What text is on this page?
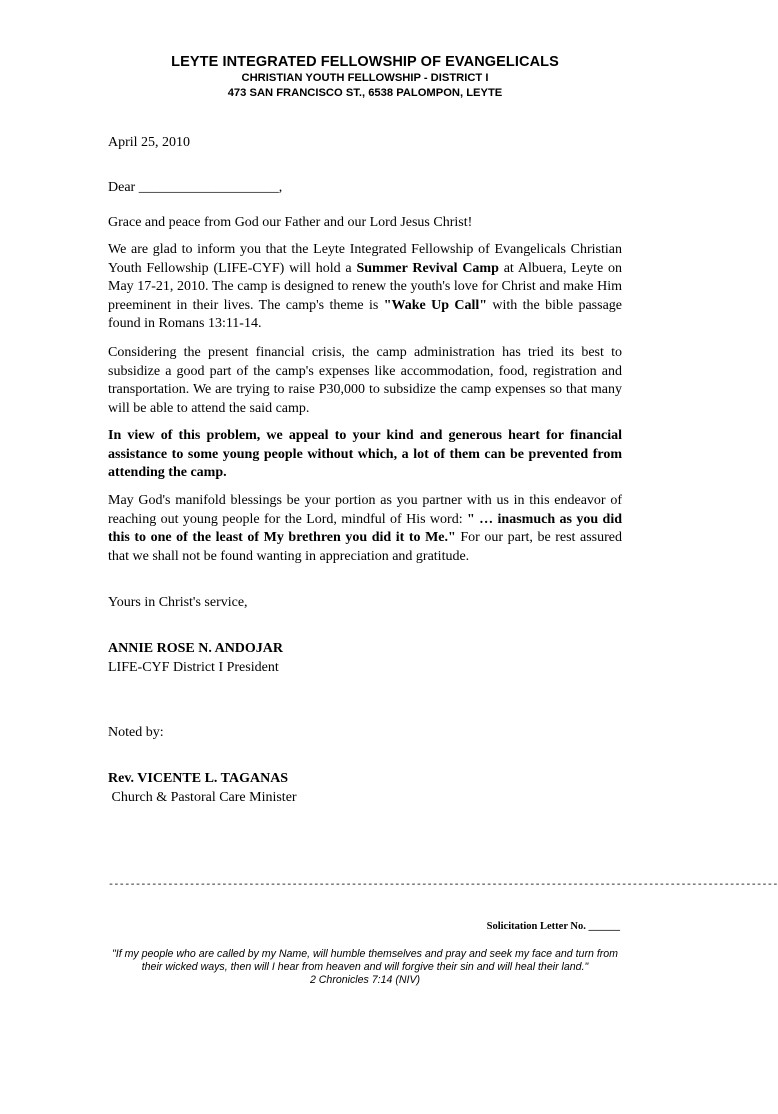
LEYTE INTEGRATED FELLOWSHIP OF EVANGELICALS
CHRISTIAN YOUTH FELLOWSHIP - DISTRICT I
473 SAN FRANCISCO ST., 6538 PALOMPON, LEYTE
April 25, 2010
Dear ____________________,
Grace and peace from God our Father and our Lord Jesus Christ!
We are glad to inform you that the Leyte Integrated Fellowship of Evangelicals Christian Youth Fellowship (LIFE-CYF) will hold a Summer Revival Camp at Albuera, Leyte on May 17-21, 2010. The camp is designed to renew the youth's love for Christ and make Him preeminent in their lives. The camp's theme is "Wake Up Call" with the bible passage found in Romans 13:11-14.
Considering the present financial crisis, the camp administration has tried its best to subsidize a good part of the camp's expenses like accommodation, food, registration and transportation. We are trying to raise P30,000 to subsidize the camp expenses so that many will be able to attend the said camp.
In view of this problem, we appeal to your kind and generous heart for financial assistance to some young people without which, a lot of them can be prevented from attending the camp.
May God's manifold blessings be your portion as you partner with us in this endeavor of reaching out young people for the Lord, mindful of His word: " … inasmuch as you did this to one of the least of My brethren you did it to Me." For our part, be rest assured that we shall not be found wanting in appreciation and gratitude.
Yours in Christ's service,
ANNIE ROSE N. ANDOJAR
LIFE-CYF District I President
Noted by:
Rev. VICENTE L. TAGANAS
Church & Pastoral Care Minister
----------------------------------------------------------------------------------------------------------------------------
Solicitation Letter No. ______
"If my people who are called by my Name, will humble themselves and pray and seek my face and turn from their wicked ways, then will I hear from heaven and will forgive their sin and will heal their land."
2 Chronicles 7:14 (NIV)
